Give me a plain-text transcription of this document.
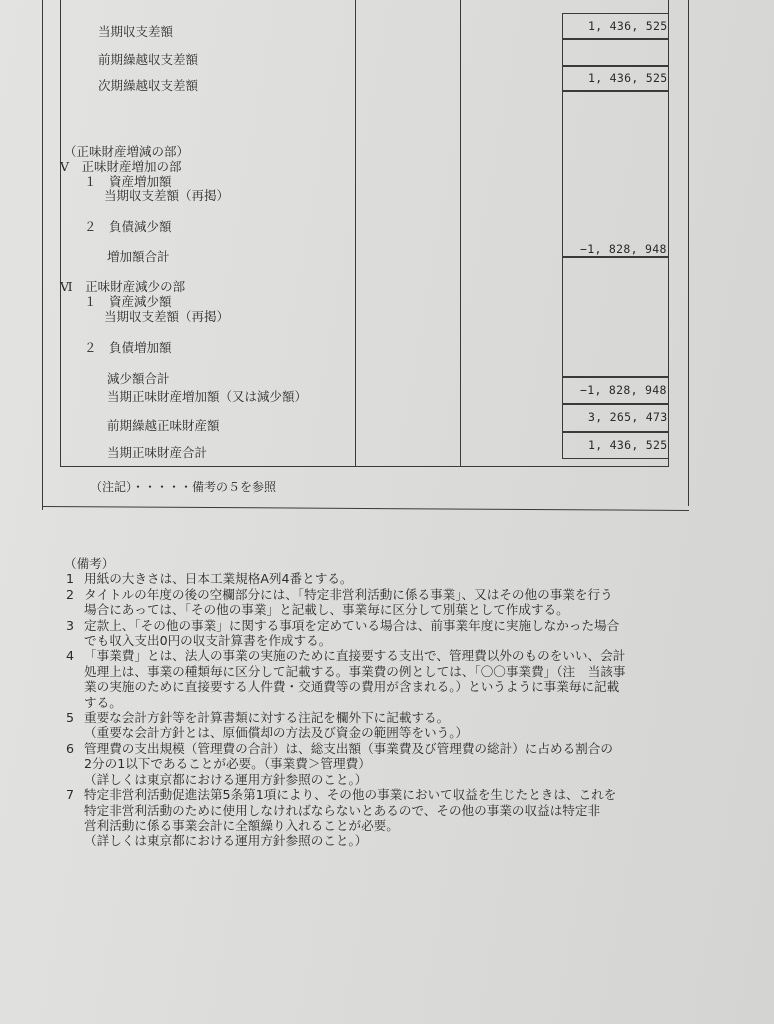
当期収支差額
前期繰越収支差額
次期繰越収支差額
（正味財産増減の部）
Ⅴ　正味財産増加の部
１　資産増加額
当期収支差額（再掲）
２　負債減少額
増加額合計
Ⅵ　正味財産減少の部
１　資産減少額
当期収支差額（再掲）
２　負債増加額
減少額合計
当期正味財産増加額（又は減少額）
前期繰越正味財産額
当期正味財産合計
1, 436, 525
1, 436, 525
−1, 828, 948
−1, 828, 948
3, 265, 473
1, 436, 525
（注記）・・・・・備考の５を参照
（備考）
1 用紙の大きさは、日本工業規格A列4番とする。
2 タイトルの年度の後の空欄部分には、「特定非営利活動に係る事業」、又はその他の事業を行う
場合にあっては、「その他の事業」と記載し、事業毎に区分して別葉として作成する。
3 定款上、「その他の事業」に関する事項を定めている場合は、前事業年度に実施しなかった場合
でも収入支出0円の収支計算書を作成する。
4 「事業費」とは、法人の事業の実施のために直接要する支出で、管理費以外のものをいい、会計
処理上は、事業の種類毎に区分して記載する。事業費の例としては、「〇〇事業費」（注　当該事
業の実施のために直接要する人件費・交通費等の費用が含まれる。）というように事業毎に記載
する。
5 重要な会計方針等を計算書類に対する注記を欄外下に記載する。
（重要な会計方針とは、原価償却の方法及び資金の範囲等をいう。）
6 管理費の支出規模（管理費の合計）は、総支出額（事業費及び管理費の総計）に占める割合の
2分の1以下であることが必要。（事業費＞管理費）
（詳しくは東京都における運用方針参照のこと。）
7 特定非営利活動促進法第5条第1項により、その他の事業において収益を生じたときは、これを
特定非営利活動のために使用しなければならないとあるので、その他の事業の収益は特定非
営利活動に係る事業会計に全額繰り入れることが必要。
（詳しくは東京都における運用方針参照のこと。）
